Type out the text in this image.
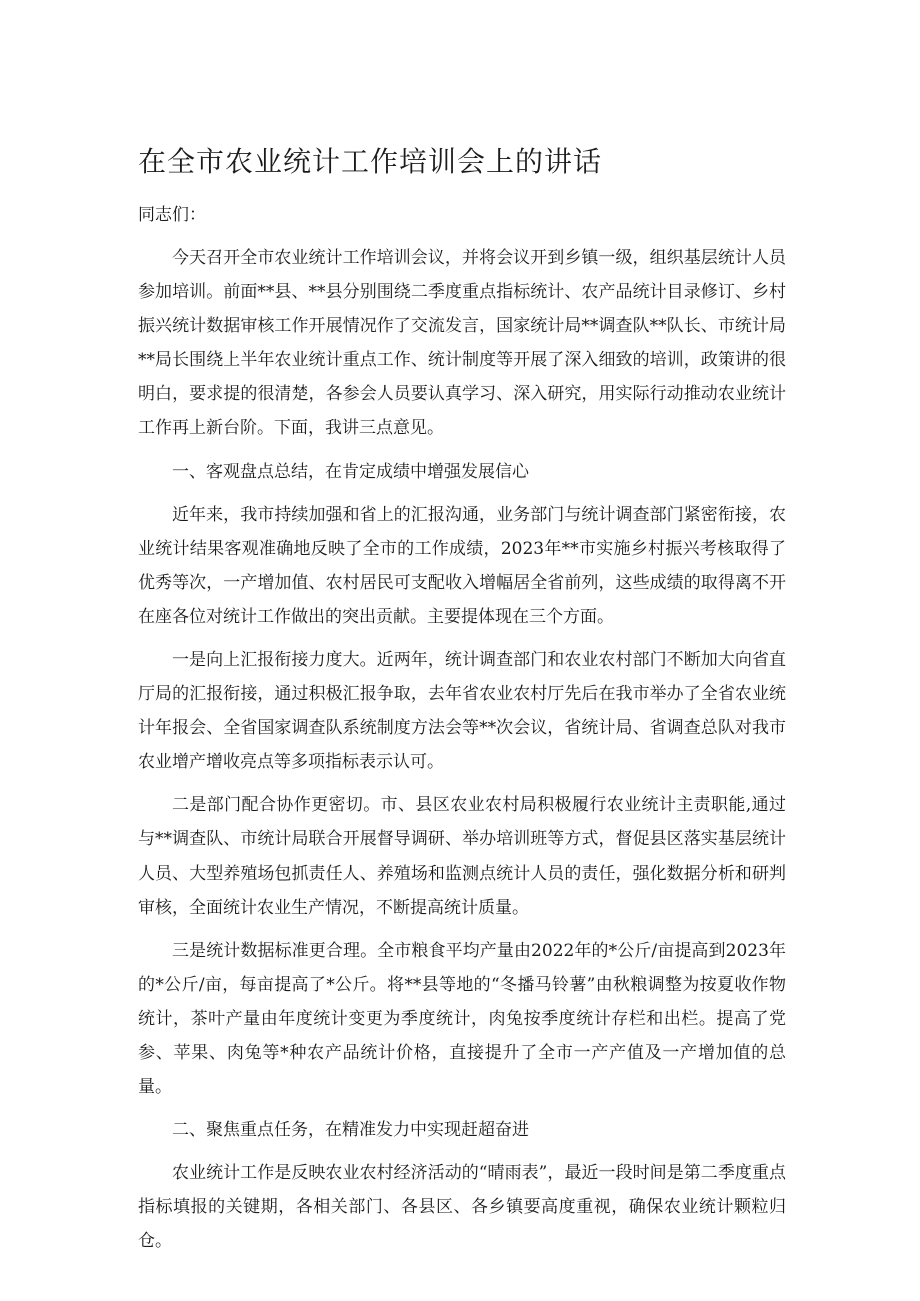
在全市农业统计工作培训会上的讲话

同志们：

今天召开全市农业统计工作培训会议，并将会议开到乡镇一级，组织基层统计人员参加培训。前面**县、**县分别围绕二季度重点指标统计、农产品统计目录修订、乡村振兴统计数据审核工作开展情况作了交流发言，国家统计局**调查队**队长、市统计局**局长围绕上半年农业统计重点工作、统计制度等开展了深入细致的培训，政策讲的很明白，要求提的很清楚，各参会人员要认真学习、深入研究，用实际行动推动农业统计工作再上新台阶。下面，我讲三点意见。

一、客观盘点总结，在肯定成绩中增强发展信心

近年来，我市持续加强和省上的汇报沟通，业务部门与统计调查部门紧密衔接，农业统计结果客观准确地反映了全市的工作成绩，2023年**市实施乡村振兴考核取得了优秀等次，一产增加值、农村居民可支配收入增幅居全省前列，这些成绩的取得离不开在座各位对统计工作做出的突出贡献。主要提体现在三个方面。

一是向上汇报衔接力度大。近两年，统计调查部门和农业农村部门不断加大向省直厅局的汇报衔接，通过积极汇报争取，去年省农业农村厅先后在我市举办了全省农业统计年报会、全省国家调查队系统制度方法会等**次会议，省统计局、省调查总队对我市农业增产增收亮点等多项指标表示认可。

二是部门配合协作更密切。市、县区农业农村局积极履行农业统计主责职能,通过与**调查队、市统计局联合开展督导调研、举办培训班等方式，督促县区落实基层统计人员、大型养殖场包抓责任人、养殖场和监测点统计人员的责任，强化数据分析和研判审核，全面统计农业生产情况，不断提高统计质量。

三是统计数据标准更合理。全市粮食平均产量由2022年的*公斤/亩提高到2023年的*公斤/亩，每亩提高了*公斤。将**县等地的“冬播马铃薯”由秋粮调整为按夏收作物统计，茶叶产量由年度统计变更为季度统计，肉兔按季度统计存栏和出栏。提高了党参、苹果、肉兔等*种农产品统计价格，直接提升了全市一产产值及一产增加值的总量。

二、聚焦重点任务，在精准发力中实现赶超奋进

农业统计工作是反映农业农村经济活动的“晴雨表”，最近一段时间是第二季度重点指标填报的关键期，各相关部门、各县区、各乡镇要高度重视，确保农业统计颗粒归仓。
